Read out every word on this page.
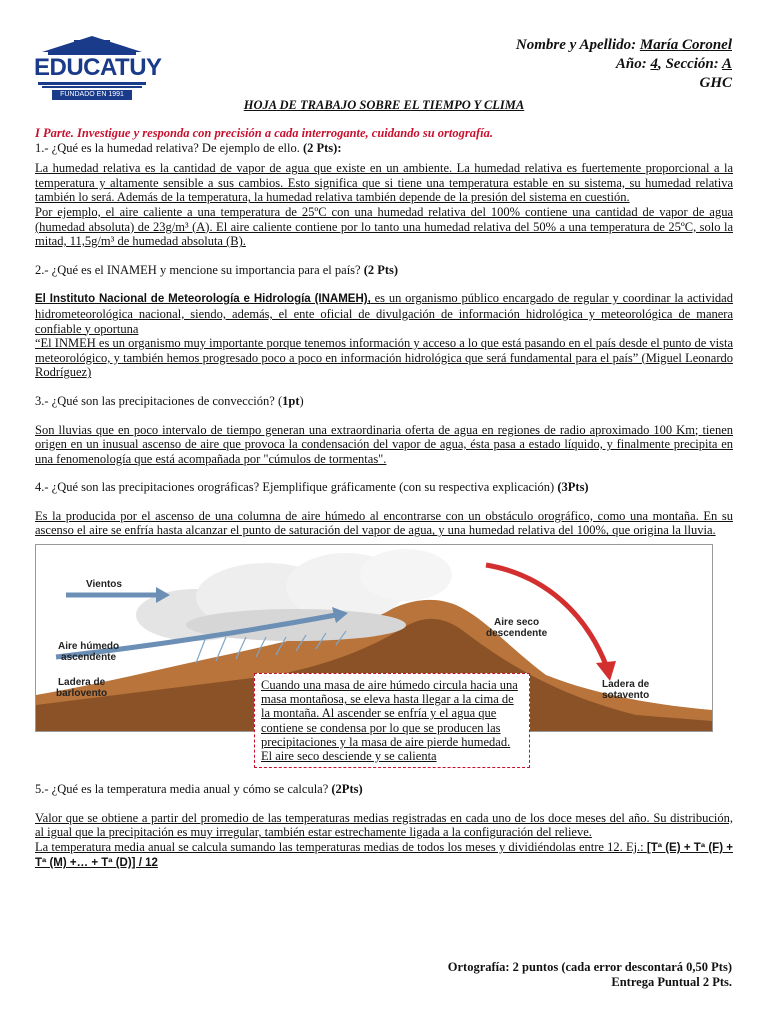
EDUCATUY
FUNDADO EN 1991
Nombre y Apellido: María Coronel
Año: 4, Sección: A
GHC
HOJA DE TRABAJO SOBRE EL TIEMPO Y CLIMA

I Parte. Investigue y responda con precisión a cada interrogante, cuidando su ortografía.

1.- ¿Qué es la humedad relativa? De ejemplo de ello. (2 Pts):

La humedad relativa es la cantidad de vapor de agua que existe en un ambiente. La humedad relativa es fuertemente proporcional a la temperatura y altamente sensible a sus cambios. Esto significa que si tiene una temperatura estable en su sistema, su humedad relativa también lo será. Además de la temperatura, la humedad relativa también depende de la presión del sistema en cuestión.

Por ejemplo, el aire caliente a una temperatura de 25ºC con una humedad relativa del 100% contiene una cantidad de vapor de agua (humedad absoluta) de 23g/m³ (A). El aire caliente contiene por lo tanto una humedad relativa del 50% a una temperatura de 25ºC, solo la mitad, 11,5g/m³ de humedad absoluta (B).

2.- ¿Qué es el INAMEH y mencione su importancia para el país? (2 Pts)

El Instituto Nacional de Meteorología e Hidrología (INAMEH), es un organismo público encargado de regular y coordinar la actividad hidrometeorológica nacional, siendo, además, el ente oficial de divulgación de información hidrológica y meteorológica de manera confiable y oportuna

“El INMEH es un organismo muy importante porque tenemos información y acceso a lo que está pasando en el país desde el punto de vista meteorológico, y también hemos progresado poco a poco en información hidrológica que será fundamental para el país” (Miguel Leonardo Rodríguez)

3.- ¿Qué son las precipitaciones de convección? (1pt)

Son lluvias que en poco intervalo de tiempo generan una extraordinaria oferta de agua en regiones de radio aproximado 100 Km; tienen origen en un inusual ascenso de aire que provoca la condensación del vapor de agua, ésta pasa a estado líquido, y finalmente precipita en una fenomenología que está acompañada por "cúmulos de tormentas".

4.- ¿Qué son las precipitaciones orográficas? Ejemplifique gráficamente (con su respectiva explicación) (3Pts)

Es la producida por el ascenso de una columna de aire húmedo al encontrarse con un obstáculo orográfico, como una montaña. En su ascenso el aire se enfría hasta alcanzar el punto de saturación del vapor de agua, y una humedad relativa del 100%, que origina la lluvia.

Vientos
Aire húmedo
ascendente
Ladera de
barlovento
Aire seco
descendente
Ladera de
sotavento
Cuando una masa de aire húmedo circula hacia una masa montañosa, se eleva hasta llegar a la cima de la montaña. Al ascender se enfría y el agua que contiene se condensa por lo que se producen las precipitaciones y la masa de aire pierde humedad. El aire seco desciende y se calienta

5.- ¿Qué es la temperatura media anual y cómo se calcula? (2Pts)

Valor que se obtiene a partir del promedio de las temperaturas medias registradas en cada uno de los doce meses del año. Su distribución, al igual que la precipitación es muy irregular, también estar estrechamente ligada a la configuración del relieve.

La temperatura media anual se calcula sumando las temperaturas medias de todos los meses y dividiéndolas entre 12. Ej.: [Tª (E) + Tª (F) + Tª (M) +… + Tª (D)] / 12

Ortografía: 2 puntos (cada error descontará 0,50 Pts)
Entrega Puntual 2 Pts.
